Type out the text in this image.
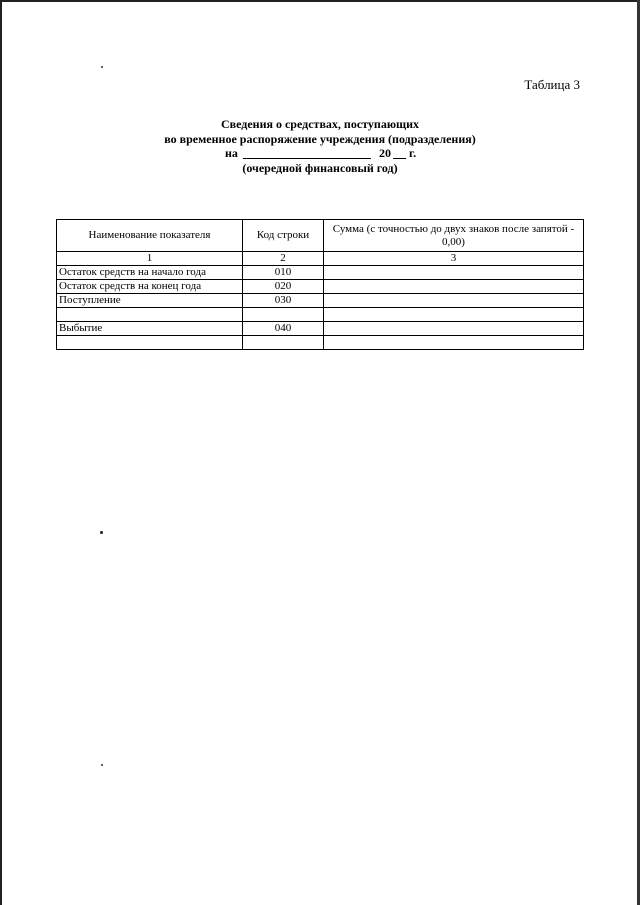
Таблица 3
Сведения о средствах, поступающих
во временное распоряжение учреждения (подразделения)
на	20 г.
(очередной финансовый год)
Наименование показателя	Код строки	Сумма (с точностью до двух знаков после запятой - 0,00)

1	2	3
Остаток средств на начало года	010	
Остаток средств на конец года	020	
Поступление	030	

Выбытие	040	
